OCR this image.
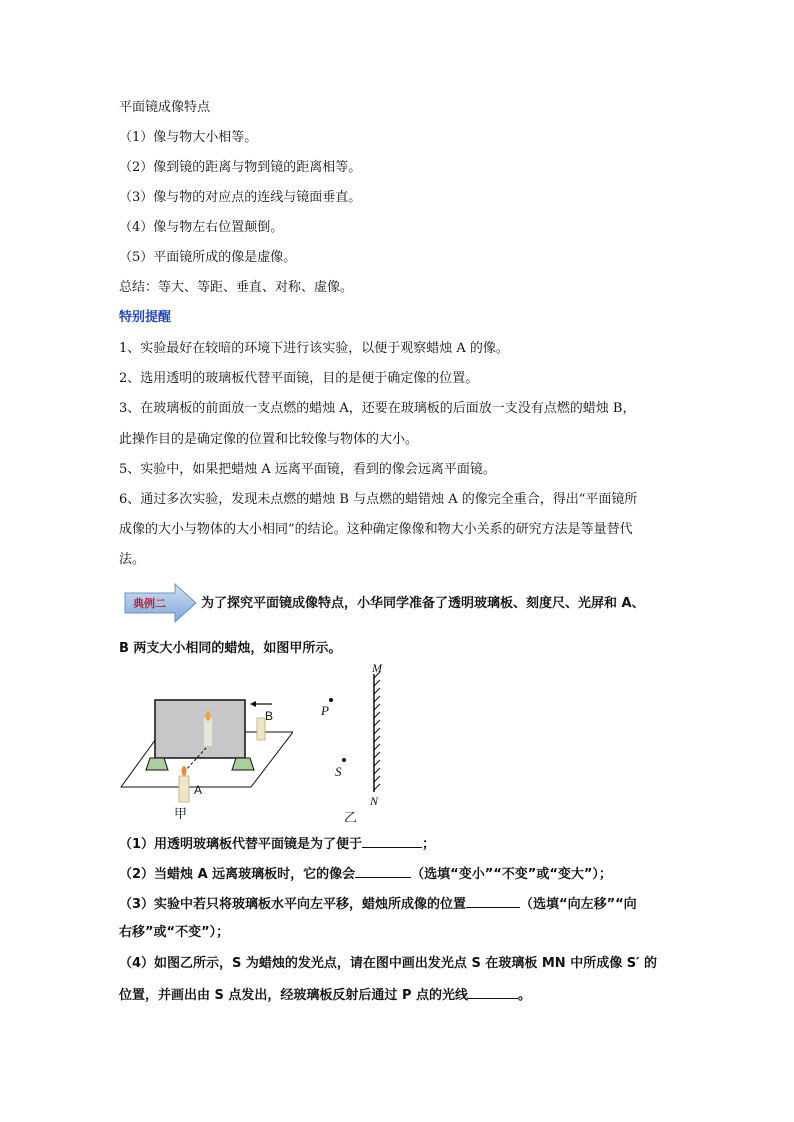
平面镜成像特点
（1）像与物大小相等。
（2）像到镜的距离与物到镜的距离相等。
（3）像与物的对应点的连线与镜面垂直。
（4）像与物左右位置颠倒。
（5）平面镜所成的像是虚像。
总结：等大、等距、垂直、对称、虚像。
特别提醒
1、实验最好在较暗的环境下进行该实验，以便于观察蜡烛 A 的像。
2、选用透明的玻璃板代替平面镜，目的是便于确定像的位置。
3、在玻璃板的前面放一支点燃的蜡烛 A，还要在玻璃板的后面放一支没有点燃的蜡烛 B，
此操作目的是确定像的位置和比较像与物体的大小。
5、实验中，如果把蜡烛 A 远离平面镜，看到的像会远离平面镜。
6、通过多次实验，发现未点燃的蜡烛 B 与点燃的蜡错烛 A 的像完全重合，得出“平面镜所
成像的大小与物体的大小相同”的结论。这种确定像像和物大小关系的研究方法是等量替代
法。
典例二	为了探究平面镜成像特点，小华同学准备了透明玻璃板、刻度尺、光屏和 A、
B 两支大小相同的蜡烛，如图甲所示。
A
B
甲
M
N
P
S
乙
（1）用透明玻璃板代替平面镜是为了便于	；
（2）当蜡烛 A 远离玻璃板时，它的像会	（选填“变小”“不变”或“变大”）；
（3）实验中若只将玻璃板水平向左平移，蜡烛所成像的位置	（选填“向左移”“向
右移”或“不变”）；
（4）如图乙所示，S 为蜡烛的发光点，请在图中画出发光点 S 在玻璃板 MN 中所成像 S′ 的
位置，并画出由 S 点发出，经玻璃板反射后通过 P 点的光线	。
